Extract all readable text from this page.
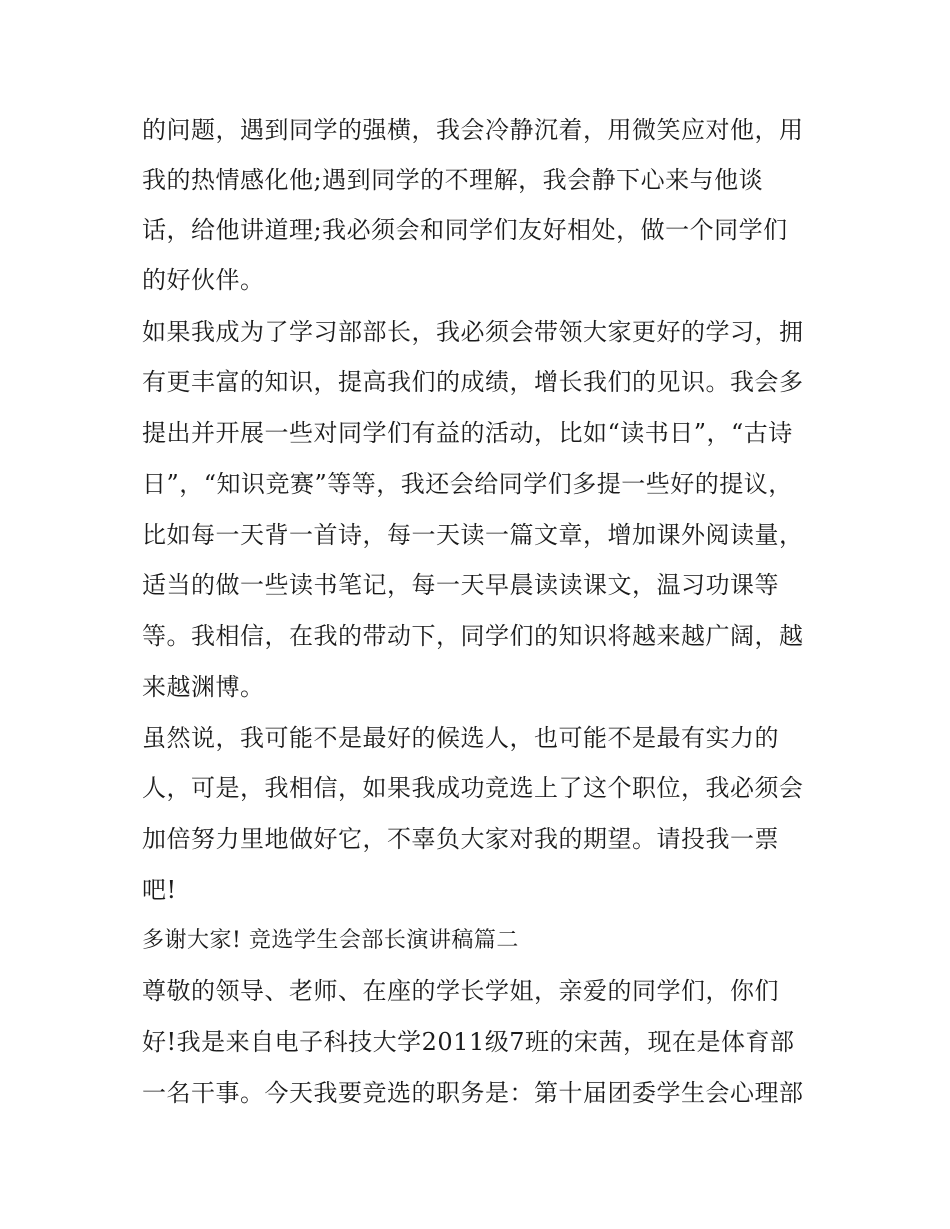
的问题，遇到同学的强横，我会冷静沉着，用微笑应对他，用
我的热情感化他;遇到同学的不理解，我会静下心来与他谈
话，给他讲道理;我必须会和同学们友好相处，做一个同学们
的好伙伴。
如果我成为了学习部部长，我必须会带领大家更好的学习，拥
有更丰富的知识，提高我们的成绩，增长我们的见识。我会多
提出并开展一些对同学们有益的活动，比如“读书日”，“古诗
日”，“知识竞赛”等等，我还会给同学们多提一些好的提议，
比如每一天背一首诗，每一天读一篇文章，增加课外阅读量，
适当的做一些读书笔记，每一天早晨读读课文，温习功课等
等。我相信，在我的带动下，同学们的知识将越来越广阔，越
来越渊博。
虽然说，我可能不是最好的候选人，也可能不是最有实力的
人，可是，我相信，如果我成功竞选上了这个职位，我必须会
加倍努力里地做好它，不辜负大家对我的期望。请投我一票
吧!
多谢大家! 竞选学生会部长演讲稿篇二
尊敬的领导、老师、在座的学长学姐，亲爱的同学们，你们
好!我是来自电子科技大学2011级7班的宋茜，现在是体育部
一名干事。今天我要竞选的职务是：第十届团委学生会心理部
